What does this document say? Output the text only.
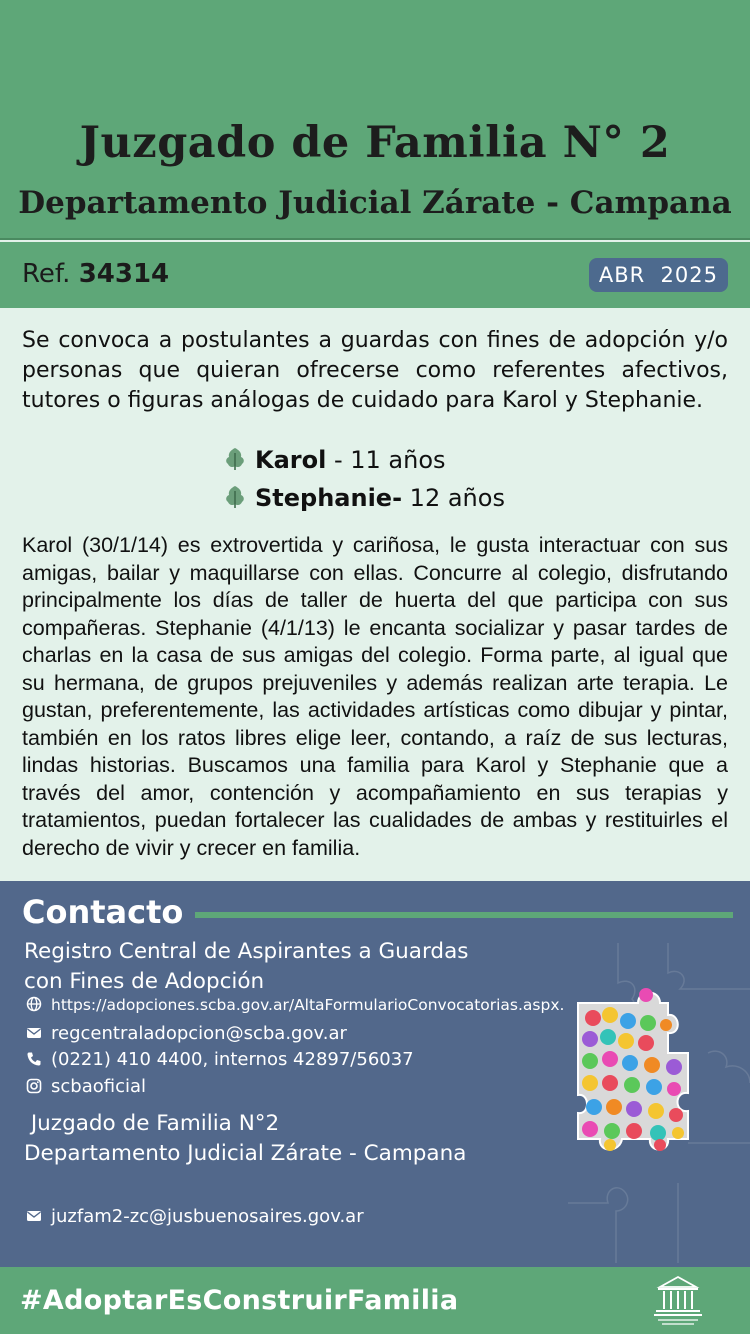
Juzgado de Familia N° 2
Departamento Judicial Zárate - Campana
Ref. 34314	ABR  2025

Se convoca a postulantes a guardas con fines de adopción y/o personas que quieran ofrecerse como referentes afectivos, tutores o figuras análogas de cuidado para Karol y Stephanie.

Karol - 11 años
Stephanie- 12 años

Karol (30/1/14) es extrovertida y cariñosa, le gusta interactuar con sus amigas, bailar y maquillarse con ellas. Concurre al colegio, disfrutando principalmente los días de taller de huerta del que participa con sus compañeras. Stephanie (4/1/13) le encanta socializar y pasar tardes de charlas en la casa de sus amigas del colegio. Forma parte, al igual que su hermana, de grupos prejuveniles y además realizan arte terapia. Le gustan, preferentemente, las actividades artísticas como dibujar y pintar, también en los ratos libres elige leer, contando, a raíz de sus lecturas, lindas historias. Buscamos una familia para Karol y Stephanie que a través del amor, contención y acompañamiento en sus terapias y tratamientos, puedan fortalecer las cualidades de ambas y restituirles el derecho de vivir y crecer en familia.

Contacto
Registro Central de Aspirantes a Guardas
con Fines de Adopción
https://adopciones.scba.gov.ar/AltaFormularioConvocatorias.aspx.
regcentraladopcion@scba.gov.ar
(0221) 410 4400, internos 42897/56037
scbaoficial
Juzgado de Familia N°2
Departamento Judicial Zárate - Campana
juzfam2-zc@jusbuenosaires.gov.ar
#AdoptarEsConstruirFamilia
